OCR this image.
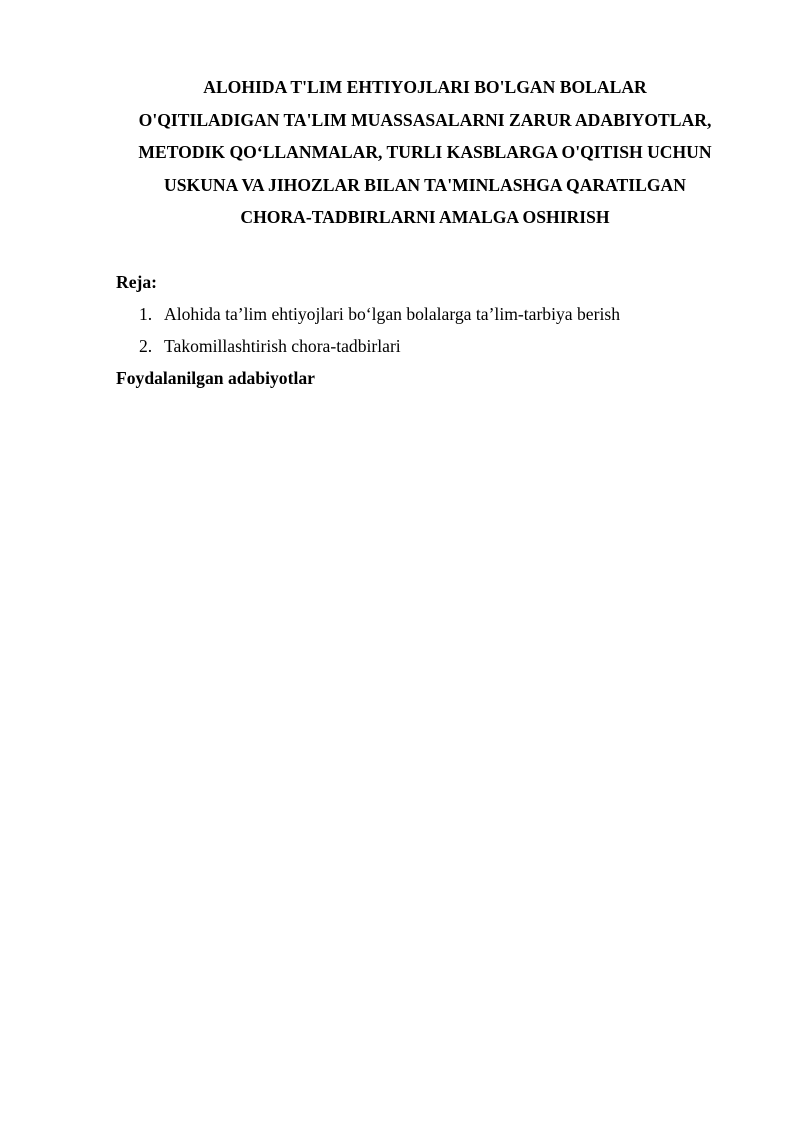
ALOHIDA T'LIM EHTIYOJLARI BO'LGAN BOLALAR
O'QITILADIGAN TA'LIM MUASSASALARNI ZARUR ADABIYOTLAR,
METODIK QO‘LLANMALAR, TURLI KASBLARGA O'QITISH UCHUN
USKUNA VA JIHOZLAR BILAN TA'MINLASHGA QARATILGAN
CHORA-TADBIRLARNI AMALGA OSHIRISH
Reja:
1. Alohida ta’lim ehtiyojlari bo‘lgan bolalarga ta’lim-tarbiya berish
2. Takomillashtirish chora-tadbirlari
Foydalanilgan adabiyotlar
